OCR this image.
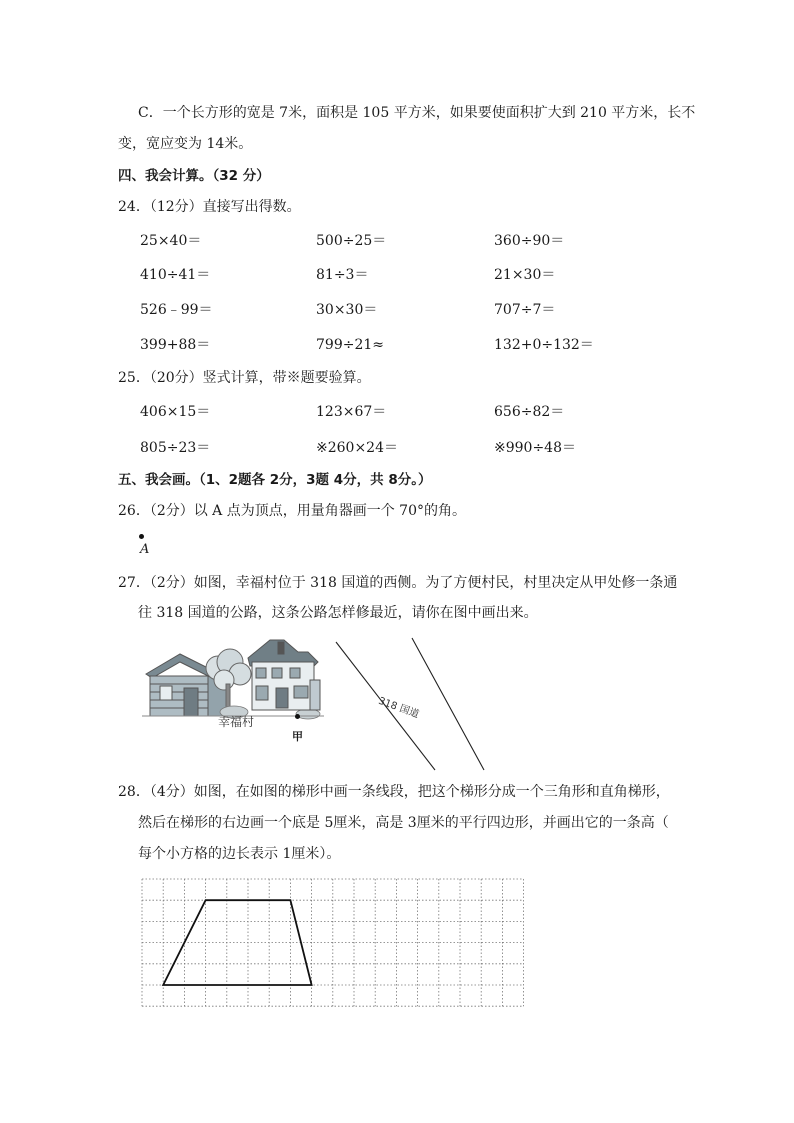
C．一个长方形的宽是 7米，面积是 105 平方米，如果要使面积扩大到 210 平方米，长不
变，宽应变为 14米。
四、我会计算。（32 分）
24．（12分）直接写出得数。
25×40＝	500÷25＝	360÷90＝
410÷41＝	81÷3＝	21×30＝
526﹣99＝	30×30＝	707÷7＝
399+88＝	799÷21≈	132+0÷132＝
25．（20分）竖式计算，带※题要验算。
406×15＝	123×67＝	656÷82＝
805÷23＝	※260×24＝	※990÷48＝
五、我会画。（1、2题各 2分，3题 4分，共 8分。）
26．（2分）以 A 点为顶点，用量角器画一个 70°的角。
A
27．（2分）如图，幸福村位于 318 国道的西侧。为了方便村民，村里决定从甲处修一条通
往 318 国道的公路，这条公路怎样修最近，请你在图中画出来。
幸福村
甲
318 国道
28．（4分）如图，在如图的梯形中画一条线段，把这个梯形分成一个三角形和直角梯形，
然后在梯形的右边画一个底是 5厘米，高是 3厘米的平行四边形，并画出它的一条高（
每个小方格的边长表示 1厘米）。
